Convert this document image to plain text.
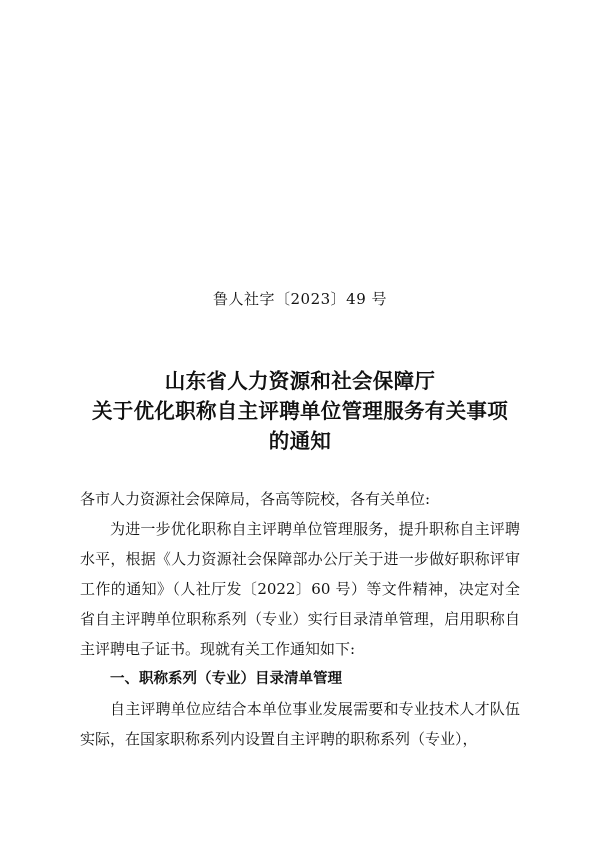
鲁人社字〔2023〕49 号
山东省人力资源和社会保障厅
关于优化职称自主评聘单位管理服务有关事项
的通知
各市人力资源社会保障局，各高等院校，各有关单位:
为进一步优化职称自主评聘单位管理服务，提升职称自主评聘水平，根据《人力资源社会保障部办公厅关于进一步做好职称评审工作的通知》（人社厅发〔2022〕60 号）等文件精神，决定对全省自主评聘单位职称系列（专业）实行目录清单管理，启用职称自主评聘电子证书。现就有关工作通知如下:
一、职称系列（专业）目录清单管理
自主评聘单位应结合本单位事业发展需要和专业技术人才队伍实际，在国家职称系列内设置自主评聘的职称系列（专业），
